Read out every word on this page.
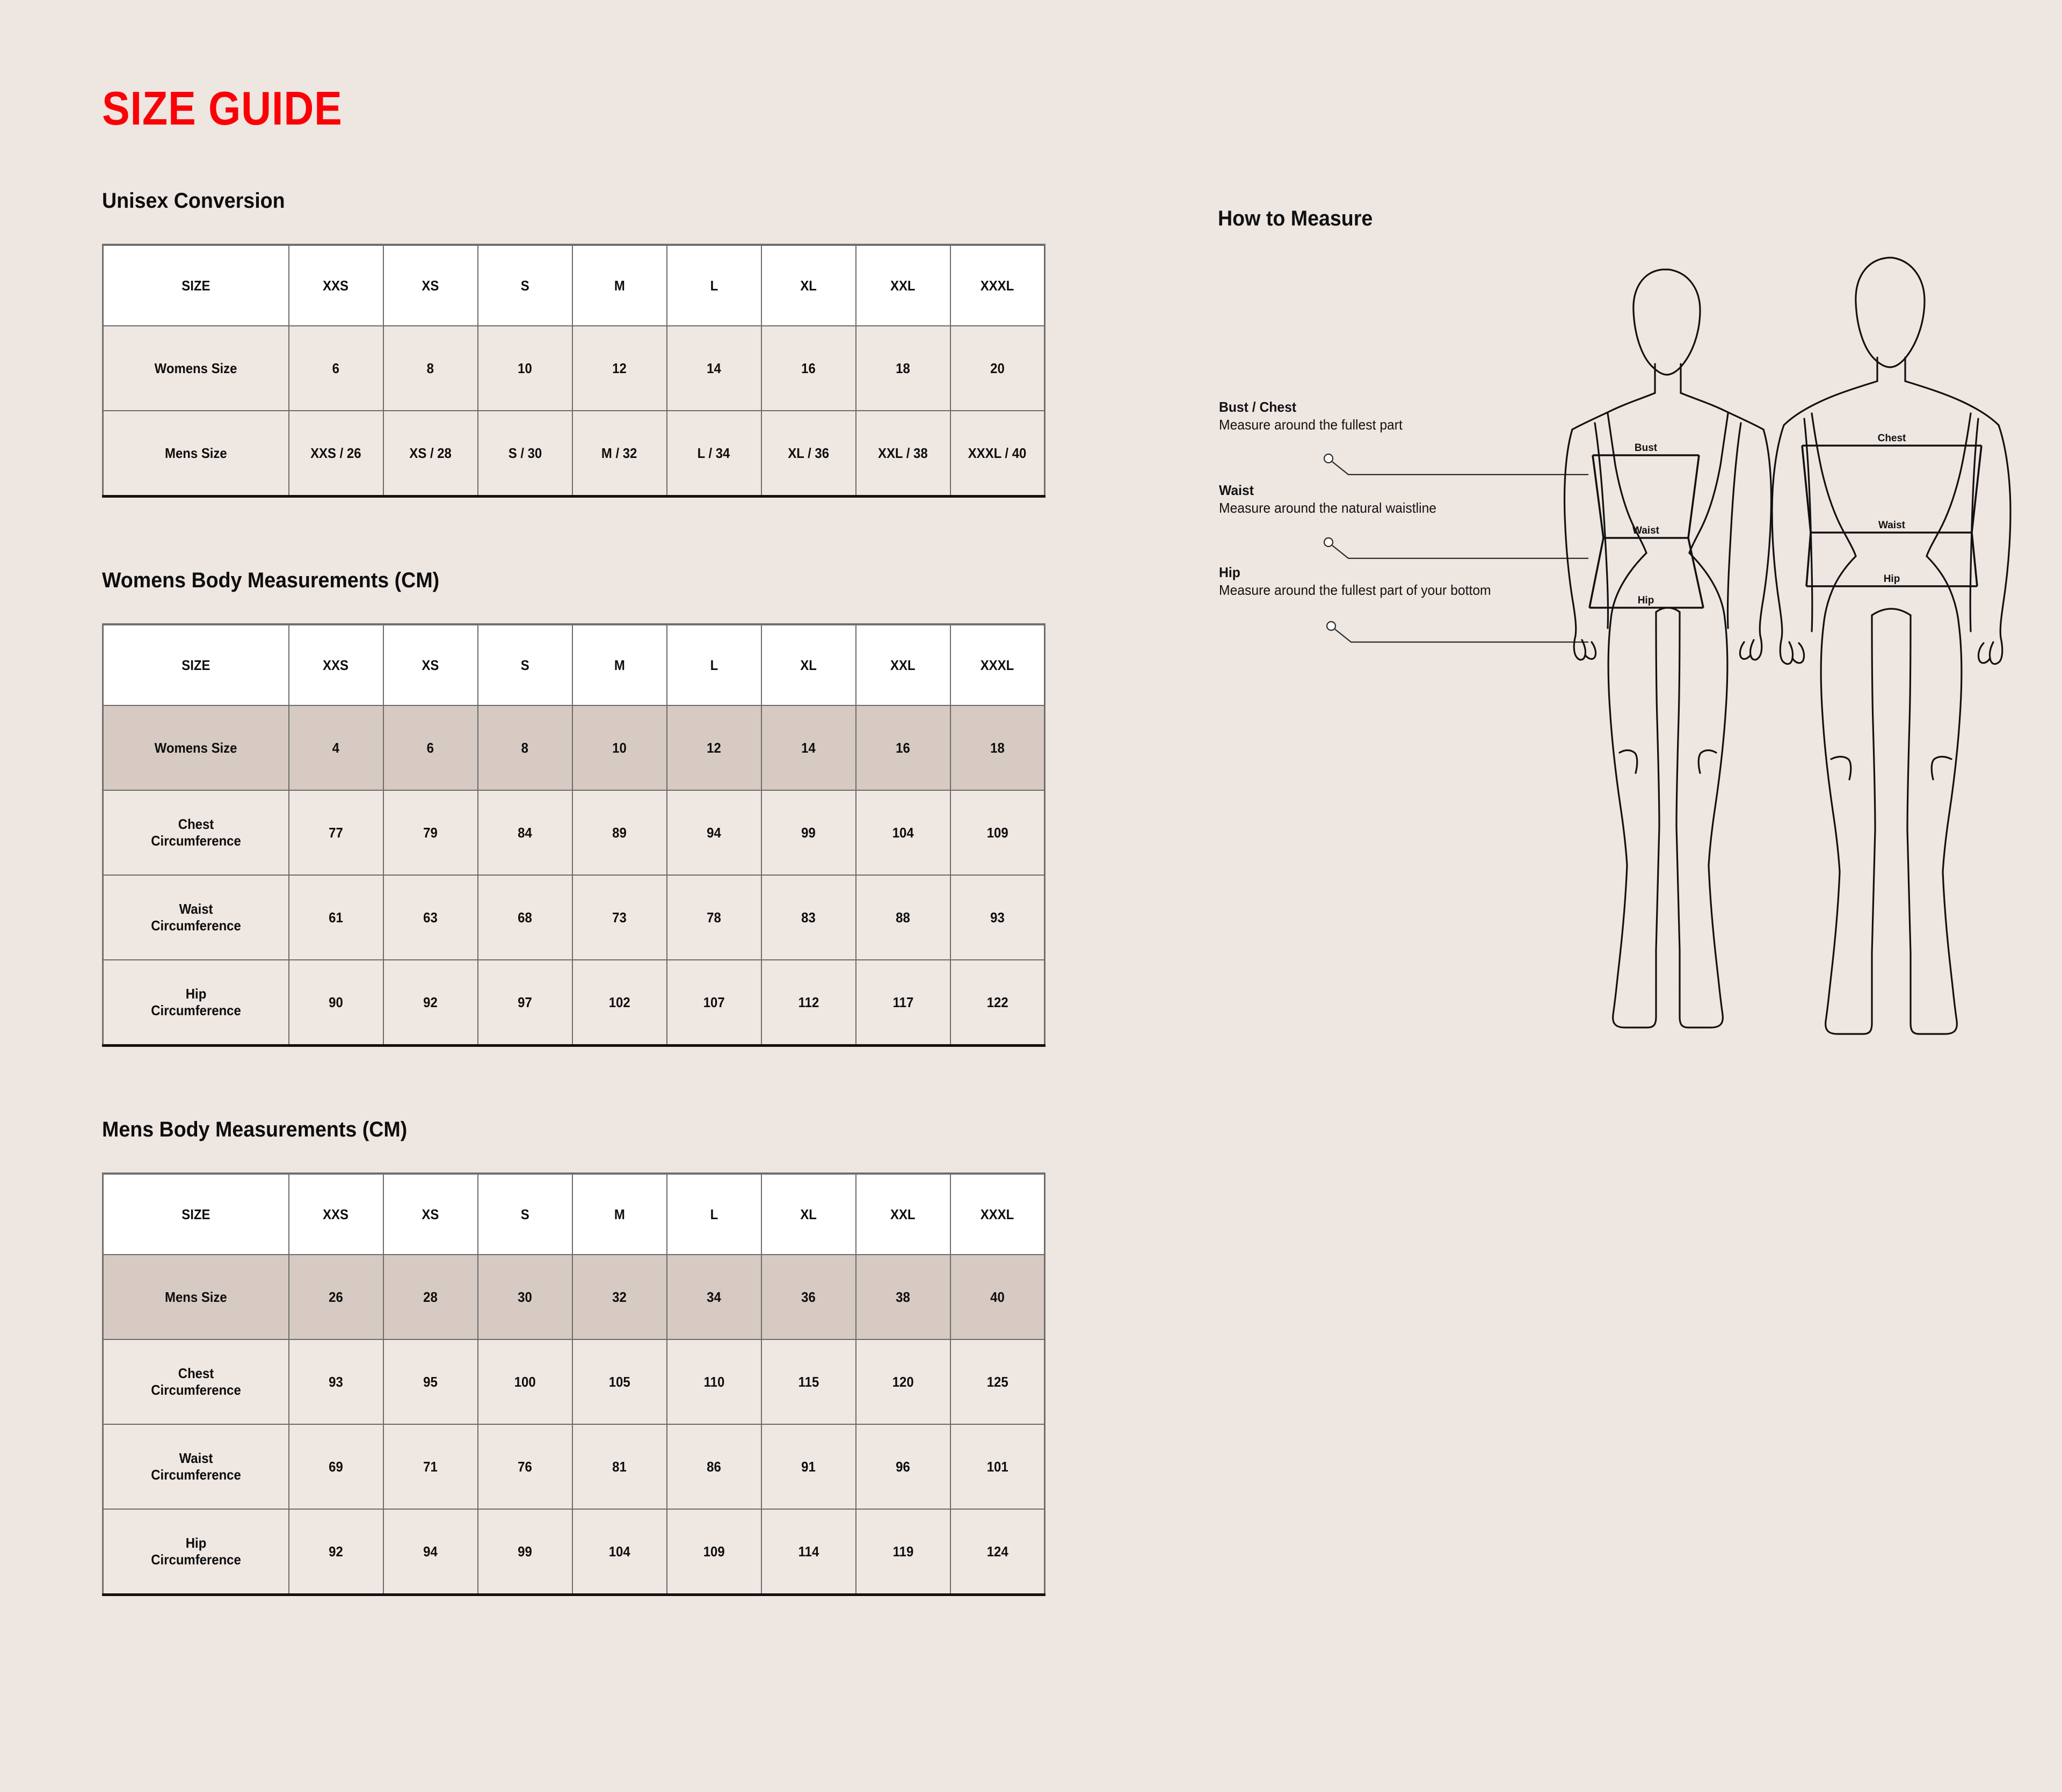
SIZE GUIDE
Unisex Conversion
SIZE	XXS	XS	S	M	L	XL	XXL	XXXL
Womens Size	6	8	10	12	14	16	18	20
Mens Size	XXS / 26	XS / 28	S / 30	M / 32	L / 34	XL / 36	XXL / 38	XXXL / 40
Womens Body Measurements (CM)
SIZE	XXS	XS	S	M	L	XL	XXL	XXXL
Womens Size	4	6	8	10	12	14	16	18
Chest
Circumference	77	79	84	89	94	99	104	109
Waist
Circumference	61	63	68	73	78	83	88	93
Hip
Circumference	90	92	97	102	107	112	117	122
Mens Body Measurements (CM)
SIZE	XXS	XS	S	M	L	XL	XXL	XXXL
Mens Size	26	28	30	32	34	36	38	40
Chest
Circumference	93	95	100	105	110	115	120	125
Waist
Circumference	69	71	76	81	86	91	96	101
Hip
Circumference	92	94	99	104	109	114	119	124
How to Measure
Bust / Chest
Measure around the fullest part
Waist
Measure around the natural waistline
Hip
Measure around the fullest part of your bottom
Bust
Waist
Hip
Chest
Waist
Hip
